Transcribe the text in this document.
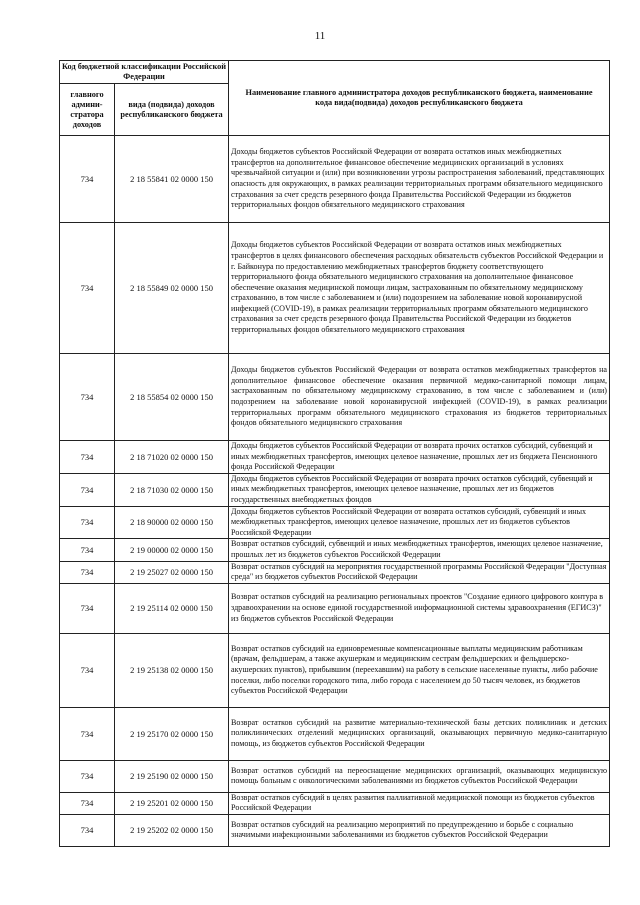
11
Код бюджетной классификации Российской Федерации		Наименование главного администратора доходов республиканского бюджета, наименование кода вида(подвида) доходов республиканского бюджета
главного админи-стратора доходов	вида (подвида) доходов республиканского бюджета	
734	2 18 55841 02 0000 150	Доходы бюджетов субъектов Российской Федерации от возврата остатков иных межбюджетных трансфертов на дополнительное финансовое обеспечение медицинских организаций в условиях чрезвычайной ситуации и (или) при возникновении угрозы распространения заболеваний, представляющих опасность для окружающих, в рамках реализации территориальных программ обязательного медицинского страхования за счет средств резервного фонда Правительства Российской Федерации из бюджетов территориальных фондов обязательного медицинского страхования
734	2 18 55849 02 0000 150	Доходы бюджетов субъектов Российской Федерации от возврата остатков иных межбюджетных трансфертов в целях финансового обеспечения расходных обязательств субъектов Российской Федерации и г. Байконура по предоставлению межбюджетных трансфертов бюджету соответствующего территориального фонда обязательного медицинского страхования на дополнительное финансовое обеспечение оказания медицинской помощи лицам, застрахованным по обязательному медицинскому страхованию, в том числе с заболеванием и (или) подозрением на заболевание новой коронавирусной инфекцией (COVID-19), в рамках реализации территориальных программ обязательного медицинского страхования за счет средств резервного фонда Правительства Российской Федерации из бюджетов территориальных фондов обязательного медицинского страхования
734	2 18 55854 02 0000 150	Доходы бюджетов субъектов Российской Федерации от возврата остатков межбюджетных трансфертов на дополнительное финансовое обеспечение оказания первичной медико-санитарной помощи лицам, застрахованным по обязательному медицинскому страхованию, в том числе с заболеванием и (или) подозрением на заболевание новой коронавирусной инфекцией (COVID-19), в рамках реализации территориальных программ обязательного медицинского страхования из бюджетов территориальных фондов обязательного медицинского страхования
734	2 18 71020 02 0000 150	Доходы бюджетов субъектов Российской Федерации от возврата прочих остатков субсидий, субвенций и иных межбюджетных трансфертов, имеющих целевое назначение, прошлых лет из бюджета Пенсионного фонда Российской Федерации
734	2 18 71030 02 0000 150	Доходы бюджетов субъектов Российской Федерации от возврата прочих остатков субсидий, субвенций и иных межбюджетных трансфертов, имеющих целевое назначение, прошлых лет из бюджетов государственных внебюджетных фондов
734	2 18 90000 02 0000 150	Доходы бюджетов субъектов Российской Федерации от возврата остатков субсидий, субвенций и иных межбюджетных трансфертов, имеющих целевое назначение, прошлых лет из бюджетов субъектов Российской Федерации
734	2 19 00000 02 0000 150	Возврат остатков субсидий, субвенций и иных межбюджетных трансфертов, имеющих целевое назначение, прошлых лет из бюджетов субъектов Российской Федерации
734	2 19 25027 02 0000 150	Возврат остатков субсидий на мероприятия государственной программы Российской Федерации "Доступная среда" из бюджетов субъектов Российской Федерации
734	2 19 25114 02 0000 150	Возврат остатков субсидий на реализацию региональных проектов "Создание единого цифрового контура в здравоохранении на основе единой государственной информационной системы здравоохранения (ЕГИСЗ)" из бюджетов субъектов Российской Федерации
734	2 19 25138 02 0000 150	Возврат остатков субсидий на единовременные компенсационные выплаты медицинским работникам (врачам, фельдшерам, а также акушеркам и медицинским сестрам фельдшерских и фельдшерско-акушерских пунктов), прибывшим (переехавшим) на работу в сельские населенные пункты, либо рабочие поселки, либо поселки городского типа, либо города с населением до 50 тысяч человек, из бюджетов субъектов Российской Федерации
734	2 19 25170 02 0000 150	Возврат остатков субсидий на развитие материально-технической базы детских поликлиник и детских поликлинических отделений медицинских организаций, оказывающих первичную медико-санитарную помощь, из бюджетов субъектов Российской Федерации
734	2 19 25190 02 0000 150	Возврат остатков субсидий на переоснащение медицинских организаций, оказывающих медицинскую помощь больным с онкологическими заболеваниями из бюджетов субъектов Российской Федерации
734	2 19 25201 02 0000 150	Возврат остатков субсидий в целях развития паллиативной медицинской помощи из бюджетов субъектов Российской Федерации
734	2 19 25202 02 0000 150	Возврат остатков субсидий на реализацию мероприятий по предупреждению и борьбе с социально значимыми инфекционными заболеваниями из бюджетов субъектов Российской Федерации
